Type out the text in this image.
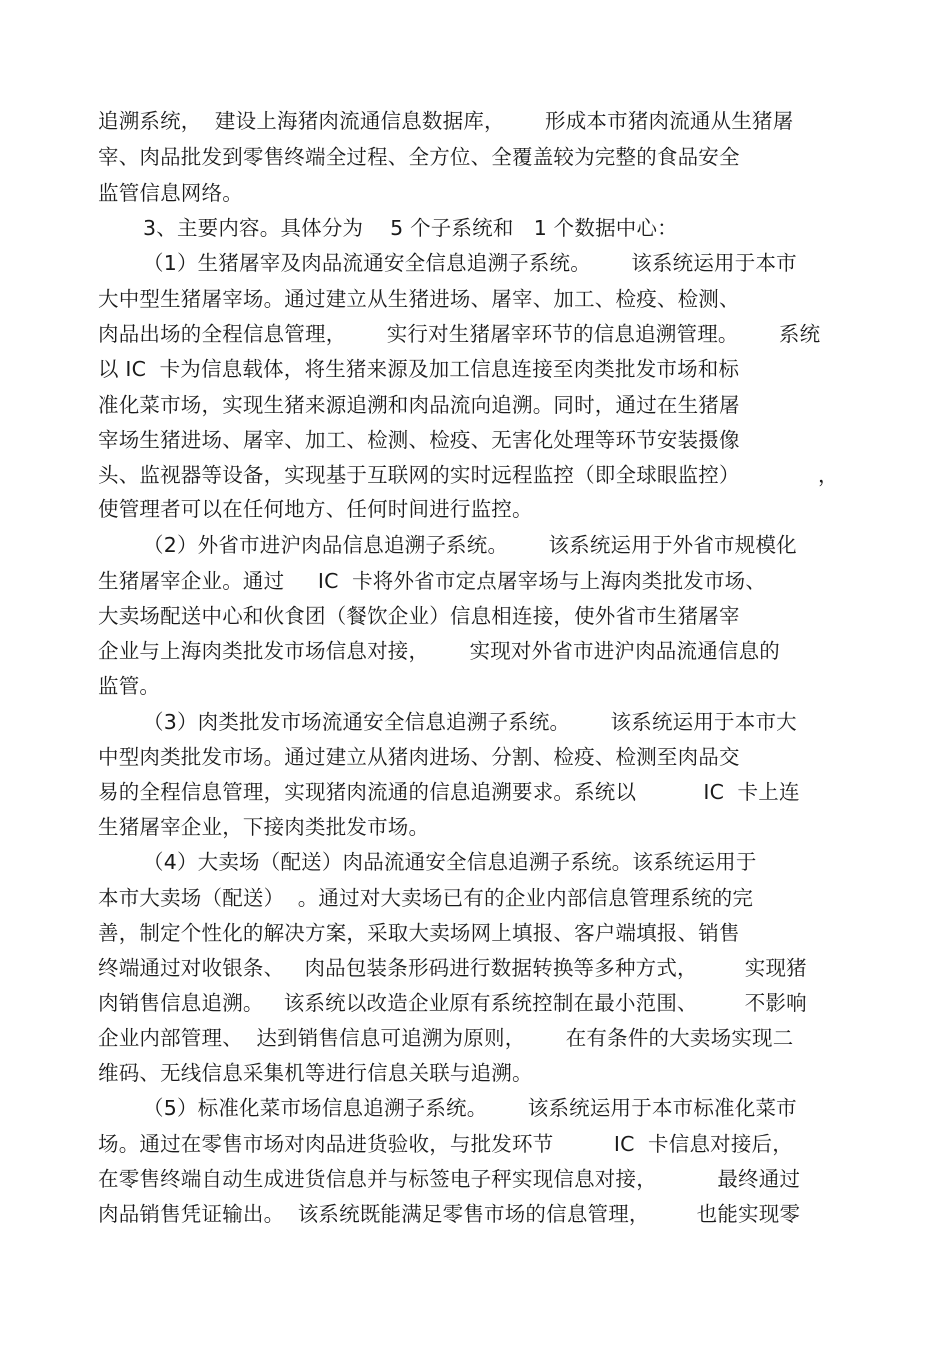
追溯系统，  建设上海猪肉流通信息数据库，      形成本市猪肉流通从生猪屠
宰、肉品批发到零售终端全过程、全方位、全覆盖较为完整的食品安全
监管信息网络。
3、主要内容。具体分为    5 个子系统和   1 个数据中心：
（1）生猪屠宰及肉品流通安全信息追溯子系统。      该系统运用于本市
大中型生猪屠宰场。通过建立从生猪进场、屠宰、加工、检疫、检测、
肉品出场的全程信息管理，      实行对生猪屠宰环节的信息追溯管理。      系统
以 IC  卡为信息载体，将生猪来源及加工信息连接至肉类批发市场和标
准化菜市场，实现生猪来源追溯和肉品流向追溯。同时，通过在生猪屠
宰场生猪进场、屠宰、加工、检测、检疫、无害化处理等环节安装摄像
头、监视器等设备，实现基于互联网的实时远程监控（即全球眼监控）	，
使管理者可以在任何地方、任何时间进行监控。
（2）外省市进沪肉品信息追溯子系统。      该系统运用于外省市规模化
生猪屠宰企业。通过     IC  卡将外省市定点屠宰场与上海肉类批发市场、
大卖场配送中心和伙食团（餐饮企业）信息相连接，使外省市生猪屠宰
企业与上海肉类批发市场信息对接，      实现对外省市进沪肉品流通信息的
监管。
（3）肉类批发市场流通安全信息追溯子系统。      该系统运用于本市大
中型肉类批发市场。通过建立从猪肉进场、分割、检疫、检测至肉品交
易的全程信息管理，实现猪肉流通的信息追溯要求。系统以          IC  卡上连
生猪屠宰企业，下接肉类批发市场。
（4）大卖场（配送）肉品流通安全信息追溯子系统。该系统运用于
本市大卖场（配送）  。通过对大卖场已有的企业内部信息管理系统的完
善，制定个性化的解决方案，采取大卖场网上填报、客户端填报、销售
终端通过对收银条、   肉品包装条形码进行数据转换等多种方式，       实现猪
肉销售信息追溯。   该系统以改造企业原有系统控制在最小范围、       不影响
企业内部管理、  达到销售信息可追溯为原则，      在有条件的大卖场实现二
维码、无线信息采集机等进行信息关联与追溯。
（5）标准化菜市场信息追溯子系统。      该系统运用于本市标准化菜市
场。通过在零售市场对肉品进货验收，与批发环节         IC  卡信息对接后，
在零售终端自动生成进货信息并与标签电子秤实现信息对接，         最终通过
肉品销售凭证输出。  该系统既能满足零售市场的信息管理，       也能实现零
